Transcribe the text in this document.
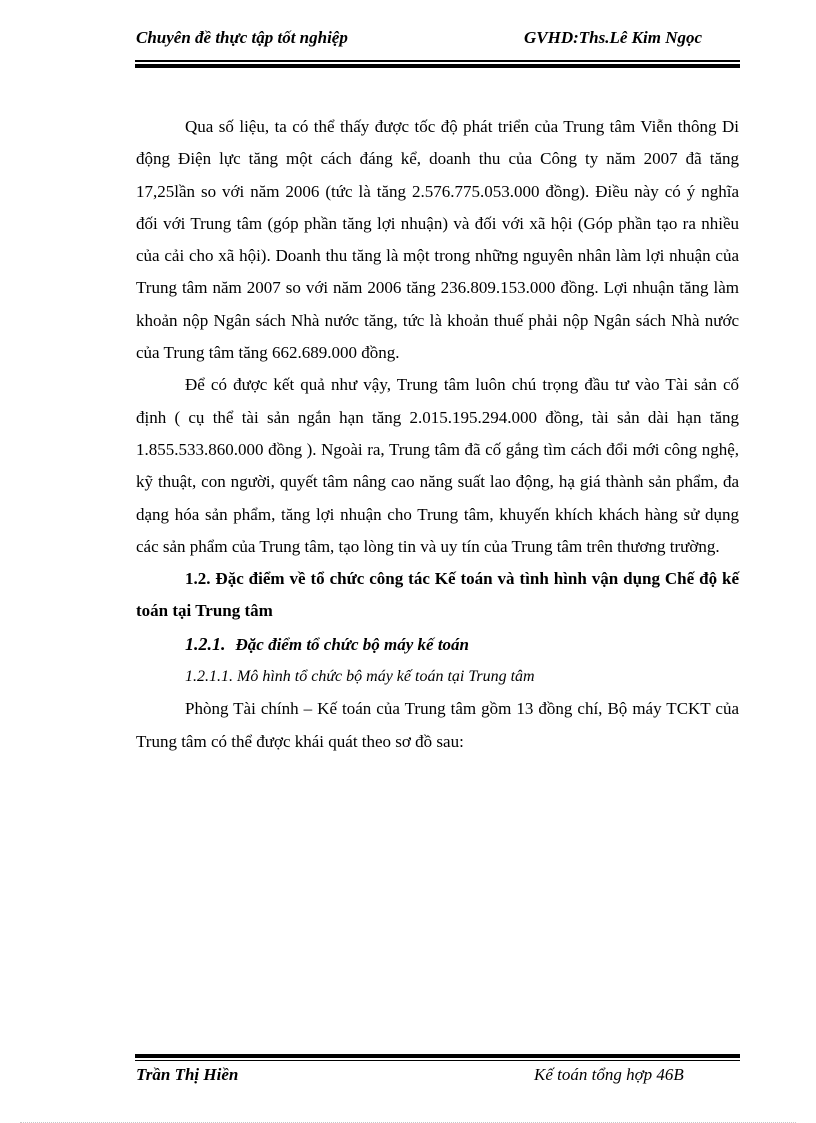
Chuyên đề thực tập tốt nghiệp	GVHD:Ths.Lê Kim Ngọc

Qua số liệu, ta có thể thấy được tốc độ phát triển của Trung tâm Viễn thông Di động Điện lực tăng một cách đáng kể, doanh thu của Công ty năm 2007 đã tăng 17,25lần so với năm 2006 (tức là tăng 2.576.775.053.000 đồng). Điều này có ý nghĩa đối với Trung tâm (góp phần tăng lợi nhuận) và đối với xã hội (Góp phần tạo ra nhiều của cải cho xã hội). Doanh thu tăng là một trong những nguyên nhân làm lợi nhuận của Trung tâm năm 2007 so với năm 2006 tăng 236.809.153.000 đồng. Lợi nhuận tăng làm khoản nộp Ngân sách Nhà nước tăng, tức là khoản thuế phải nộp Ngân sách Nhà nước của Trung tâm tăng 662.689.000 đồng.

Để có được kết quả như vậy, Trung tâm luôn chú trọng đầu tư vào Tài sản cố định ( cụ thể tài sản ngắn hạn tăng 2.015.195.294.000 đồng, tài sản dài hạn tăng 1.855.533.860.000 đồng ). Ngoài ra, Trung tâm đã cố gắng tìm cách đổi mới công nghệ, kỹ thuật, con người, quyết tâm nâng cao năng suất lao động, hạ giá thành sản phẩm, đa dạng hóa sản phẩm, tăng lợi nhuận cho Trung tâm, khuyến khích khách hàng sử dụng các sản phẩm của Trung tâm, tạo lòng tin và uy tín của Trung tâm trên thương trường.

1.2. Đặc điểm về tổ chức công tác Kế toán và tình hình vận dụng Chế độ kế toán tại Trung tâm

1.2.1. Đặc điểm tổ chức bộ máy kế toán
1.2.1.1. Mô hình tổ chức bộ máy kế toán tại Trung tâm

Phòng Tài chính – Kế toán của Trung tâm gồm 13 đồng chí, Bộ máy TCKT của Trung tâm có thể được khái quát theo sơ đồ sau:

Trần Thị Hiền	Kế toán tổng hợp 46B
